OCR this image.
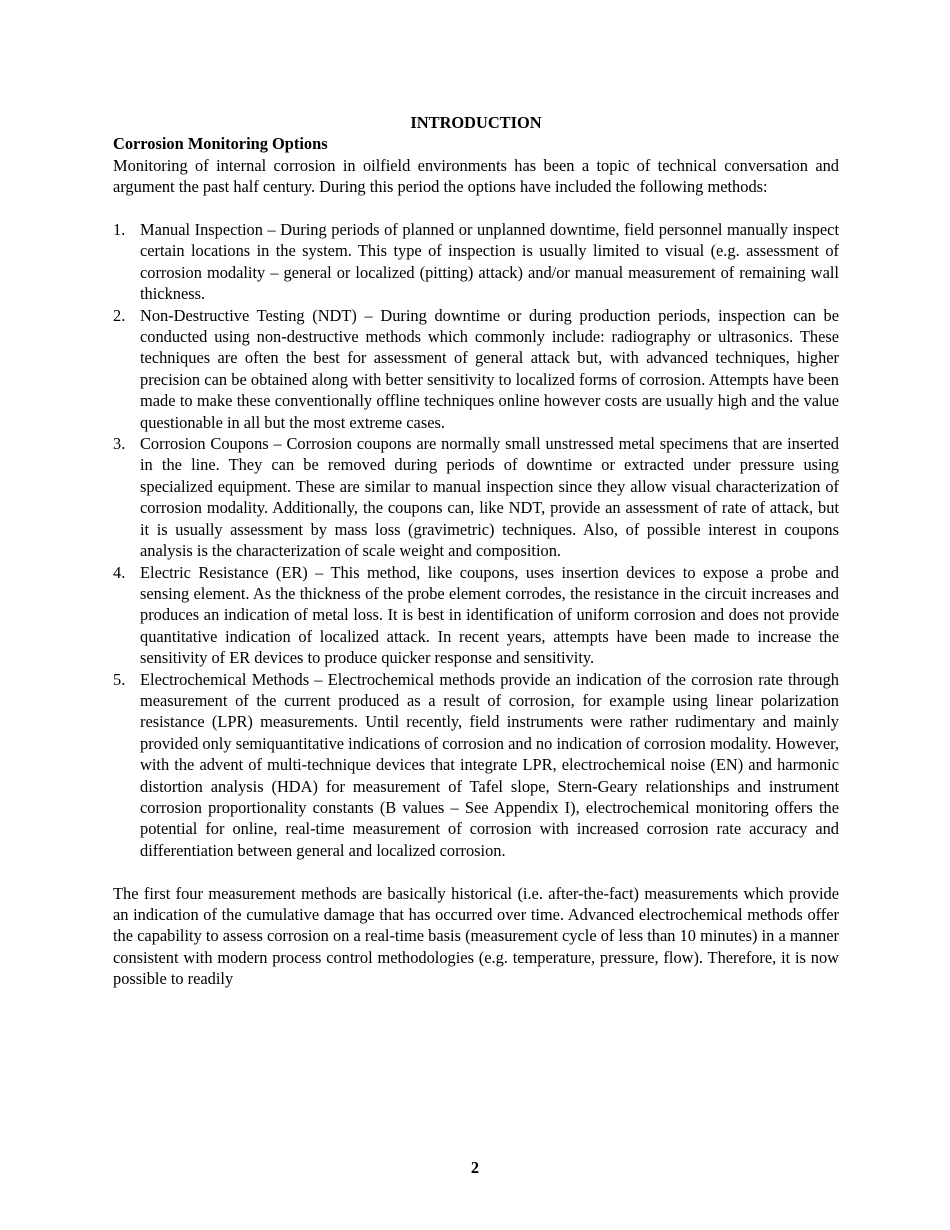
INTRODUCTION
Corrosion Monitoring Options

Monitoring of internal corrosion in oilfield environments has been a topic of technical conversation and argument the past half century. During this period the options have included the following methods:

1. Manual Inspection – During periods of planned or unplanned downtime, field personnel manually inspect certain locations in the system. This type of inspection is usually limited to visual (e.g. assessment of corrosion modality – general or localized (pitting) attack) and/or manual measurement of remaining wall thickness.
2. Non-Destructive Testing (NDT) – During downtime or during production periods, inspection can be conducted using non-destructive methods which commonly include: radiography or ultrasonics. These techniques are often the best for assessment of general attack but, with advanced techniques, higher precision can be obtained along with better sensitivity to localized forms of corrosion. Attempts have been made to make these conventionally offline techniques online however costs are usually high and the value questionable in all but the most extreme cases.
3. Corrosion Coupons – Corrosion coupons are normally small unstressed metal specimens that are inserted in the line. They can be removed during periods of downtime or extracted under pressure using specialized equipment. These are similar to manual inspection since they allow visual characterization of corrosion modality. Additionally, the coupons can, like NDT, provide an assessment of rate of attack, but it is usually assessment by mass loss (gravimetric) techniques. Also, of possible interest in coupons analysis is the characterization of scale weight and composition.
4. Electric Resistance (ER) – This method, like coupons, uses insertion devices to expose a probe and sensing element. As the thickness of the probe element corrodes, the resistance in the circuit increases and produces an indication of metal loss. It is best in identification of uniform corrosion and does not provide quantitative indication of localized attack. In recent years, attempts have been made to increase the sensitivity of ER devices to produce quicker response and sensitivity.
5. Electrochemical Methods – Electrochemical methods provide an indication of the corrosion rate through measurement of the current produced as a result of corrosion, for example using linear polarization resistance (LPR) measurements. Until recently, field instruments were rather rudimentary and mainly provided only semiquantitative indications of corrosion and no indication of corrosion modality. However, with the advent of multi-technique devices that integrate LPR, electrochemical noise (EN) and harmonic distortion analysis (HDA) for measurement of Tafel slope, Stern-Geary relationships and instrument corrosion proportionality constants (B values – See Appendix I), electrochemical monitoring offers the potential for online, real-time measurement of corrosion with increased corrosion rate accuracy and differentiation between general and localized corrosion.

The first four measurement methods are basically historical (i.e. after-the-fact) measurements which provide an indication of the cumulative damage that has occurred over time. Advanced electrochemical methods offer the capability to assess corrosion on a real-time basis (measurement cycle of less than 10 minutes) in a manner consistent with modern process control methodologies (e.g. temperature, pressure, flow). Therefore, it is now possible to readily

2
